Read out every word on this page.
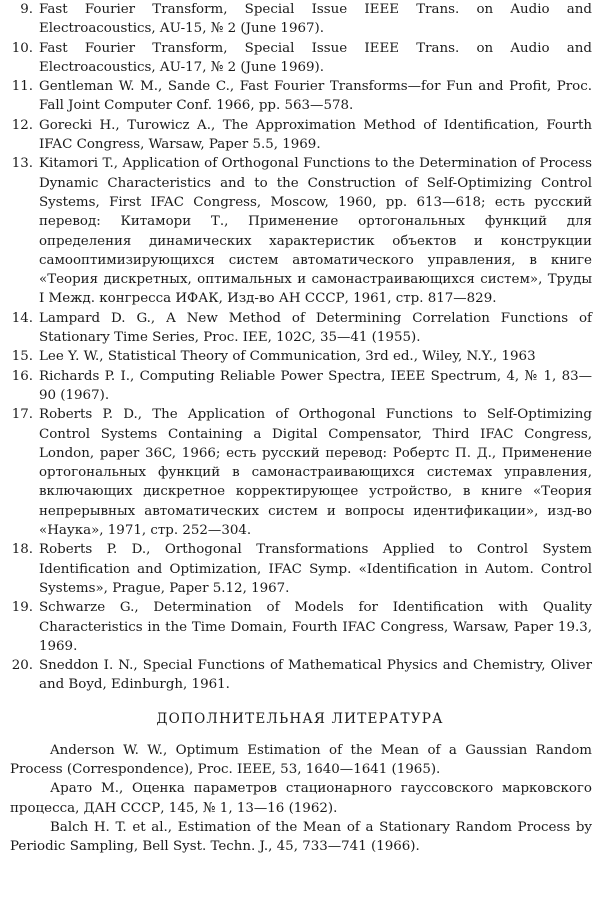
9. Fast Fourier Transform, Special Issue IEEE Trans. on Audio and Electroacoustics, AU-15, № 2 (June 1967).
10. Fast Fourier Transform, Special Issue IEEE Trans. on Audio and Electroacoustics, AU-17, № 2 (June 1969).
11. Gentleman W. M., Sande C., Fast Fourier Transforms—for Fun and Profit, Proc. Fall Joint Computer Conf. 1966, pp. 563—578.
12. Gorecki H., Turowicz A., The Approximation Method of Identification, Fourth IFAC Congress, Warsaw, Paper 5.5, 1969.
13. Kitamori T., Application of Orthogonal Functions to the Determination of Process Dynamic Characteristics and to the Construction of Self-Optimizing Control Systems, First IFAC Congress, Moscow, 1960, pp. 613—618; есть русский перевод: Китамори Т., Применение ортогональных функций для определения динамических характеристик объектов и конструкции самооптимизирующихся систем автоматического управления, в книге «Теория дискретных, оптимальных и самонастраивающихся систем», Труды I Межд. конгресса ИФАК, Изд-во АН СССР, 1961, стр. 817—829.
14. Lampard D. G., A New Method of Determining Correlation Functions of Stationary Time Series, Proc. IEE, 102C, 35—41 (1955).
15. Lee Y. W., Statistical Theory of Communication, 3rd ed., Wiley, N.Y., 1963
16. Richards P. I., Computing Reliable Power Spectra, IEEE Spectrum, 4, № 1, 83—90 (1967).
17. Roberts P. D., The Application of Orthogonal Functions to Self-Optimizing Control Systems Containing a Digital Compensator, Third IFAC Congress, London, paper 36C, 1966; есть русский перевод: Робертс П. Д., Применение ортогональных функций в самонастраивающихся системах управления, включающих дискретное корректирующее устройство, в книге «Теория непрерывных автоматических систем и вопросы идентификации», изд-во «Наука», 1971, стр. 252—304.
18. Roberts P. D., Orthogonal Transformations Applied to Control System Identification and Optimization, IFAC Symp. «Identification in Autom. Control Systems», Prague, Paper 5.12, 1967.
19. Schwarze G., Determination of Models for Identification with Quality Characteristics in the Time Domain, Fourth IFAC Congress, Warsaw, Paper 19.3, 1969.
20. Sneddon I. N., Special Functions of Mathematical Physics and Chemistry, Oliver and Boyd, Edinburgh, 1961.
ДОПОЛНИТЕЛЬНАЯ ЛИТЕРАТУРА
Anderson W. W., Optimum Estimation of the Mean of a Gaussian Random Process (Correspondence), Proc. IEEE, 53, 1640—1641 (1965).
Арато М., Оценка параметров стационарного гауссовского марковского процесса, ДАН СССР, 145, № 1, 13—16 (1962).
Balch H. T. et al., Estimation of the Mean of a Stationary Random Process by Periodic Sampling, Bell Syst. Techn. J., 45, 733—741 (1966).
